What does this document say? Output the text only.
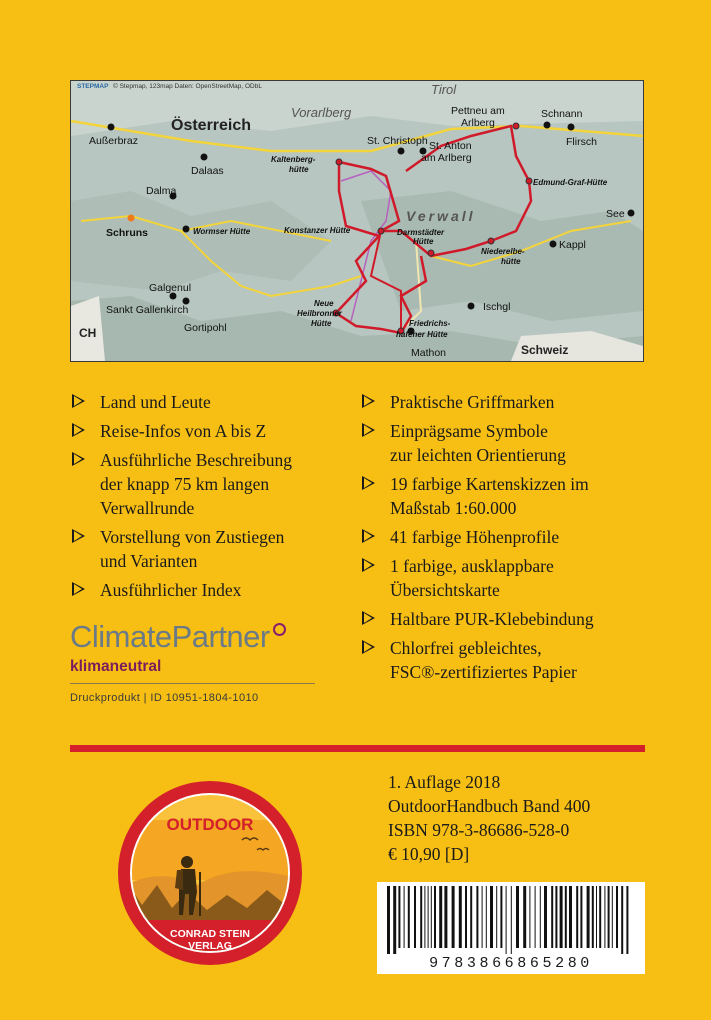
STEPMAP © Stepmap, 123map Daten: OpenStreetMap, ODbL	Tirol
Vorarlberg
Österreich
Verwall
Schweiz
CH
Außerbraz
Dalaas
Dalma
Schruns
St. Christoph
Pettneu am
Arlberg
Schnann
Flirsch
St. Anton
am Arlberg
See
Kappl
Galgenul
Sankt Gallenkirch
Gortipohl
Ischgl
Mathon
Kaltenberg-
hütte
Edmund-Graf-Hütte
Wormser Hütte	Konstanzer Hütte	Darmstädter
Hütte
Niederelbe-
hütte
Neue
Heilbronner
Hütte	Friedrichs-
hafener Hütte
Land und Leute
Reise-Infos von A bis Z
Ausführliche Beschreibung
der knapp 75 km langen
Verwallrunde
Vorstellung von Zustiegen
und Varianten
Ausführlicher Index
Praktische Griffmarken
Einprägsame Symbole
zur leichten Orientierung
19 farbige Kartenskizzen im
Maßstab 1:60.000
41 farbige Höhenprofile
1 farbige, ausklappbare
Übersichtskarte
Haltbare PUR-Klebebindung
Chlorfrei gebleichtes,
FSC®-zertifiziertes Papier
ClimatePartner
klimaneutral
Druckprodukt | ID 10951-1804-1010
OUTDOOR
CONRAD STEIN
VERLAG
1. Auflage 2018
OutdoorHandbuch Band 400
ISBN 978-3-86686-528-0
€ 10,90 [D]
9783866865280
